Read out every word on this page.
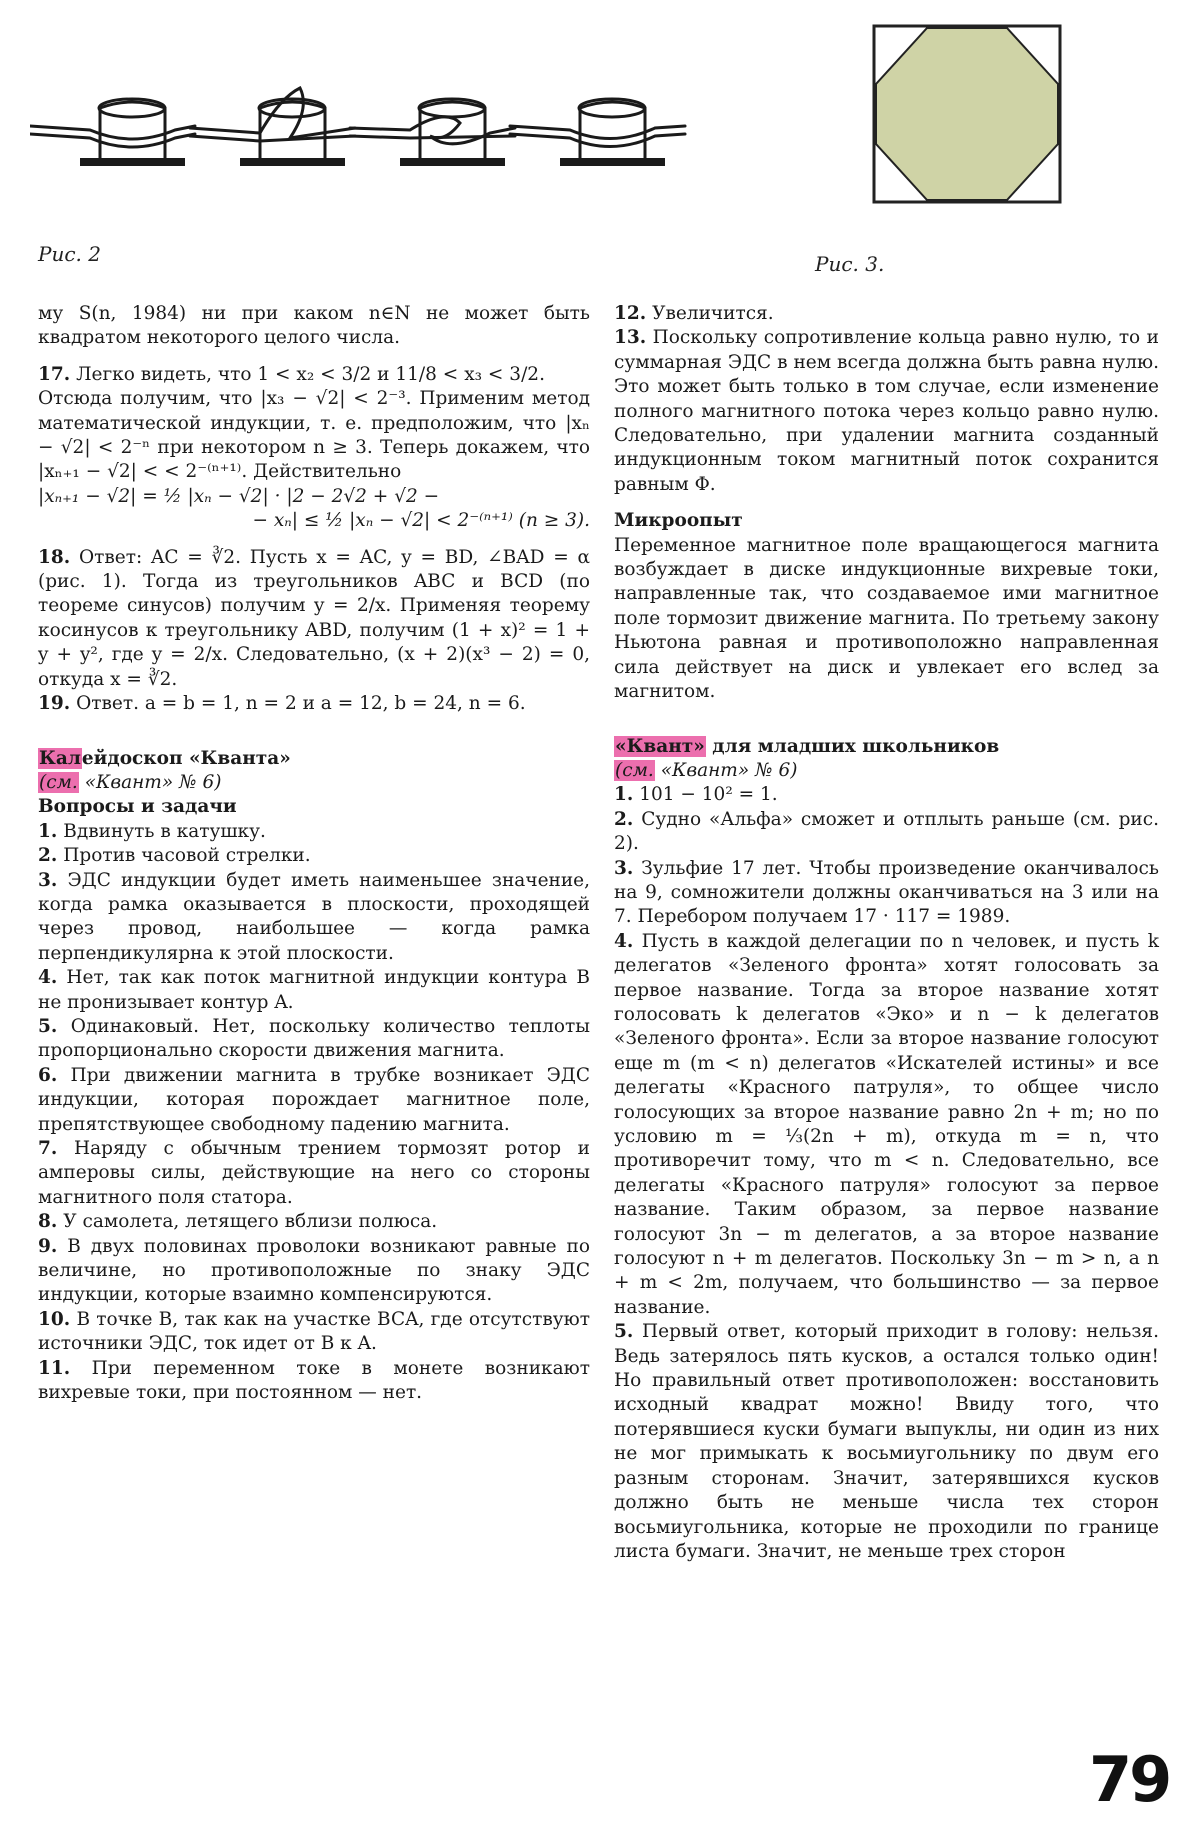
Рис. 2	Рис. 3.

му S(n, 1984) ни при каком n∈N не может быть квадратом некоторого целого числа.

17. Легко видеть, что 1 < x₂ < 3/2 и 11/8 < x₃ < 3/2.

Отсюда получим, что |x₃ − √2| < 2⁻³. Применим метод математической индукции, т. е. предположим, что |xₙ − √2| < 2⁻ⁿ при некотором n ≥ 3. Теперь докажем, что |xₙ₊₁ − √2| < < 2⁻⁽ⁿ⁺¹⁾. Действительно

|xₙ₊₁ − √2| = ½ |xₙ − √2| · |2 − 2√2 + √2 −

− xₙ| ≤ ½ |xₙ − √2| < 2⁻⁽ⁿ⁺¹⁾ (n ≥ 3).

18. Ответ: AC = ∛2. Пусть x = AC, y = BD, ∠BAD = α (рис. 1). Тогда из треугольников ABC и BCD (по теореме синусов) получим y = 2/x. Применяя теорему косинусов к треугольнику ABD, получим (1 + x)² = 1 + y + y², где y = 2/x. Следовательно, (x + 2)(x³ − 2) = 0, откуда x = ∛2.

19. Ответ. a = b = 1, n = 2 и a = 12, b = 24, n = 6.

Калейдоскоп «Кванта»

(см. «Квант» № 6)

Вопросы и задачи

1. Вдвинуть в катушку.

2. Против часовой стрелки.

3. ЭДС индукции будет иметь наименьшее значение, когда рамка оказывается в плоскости, проходящей через провод, наибольшее — когда рамка перпендикулярна к этой плоскости.

4. Нет, так как поток магнитной индукции контура B не пронизывает контур A.

5. Одинаковый. Нет, поскольку количество теплоты пропорционально скорости движения магнита.

6. При движении магнита в трубке возникает ЭДС индукции, которая порождает магнитное поле, препятствующее свободному падению магнита.

7. Наряду с обычным трением тормозят ротор и амперовы силы, действующие на него со стороны магнитного поля статора.

8. У самолета, летящего вблизи полюса.

9. В двух половинах проволоки возникают равные по величине, но противоположные по знаку ЭДС индукции, которые взаимно компенсируются.

10. В точке B, так как на участке BCA, где отсутствуют источники ЭДС, ток идет от B к A.

11. При переменном токе в монете возникают вихревые токи, при постоянном — нет.

12. Увеличится.

13. Поскольку сопротивление кольца равно нулю, то и суммарная ЭДС в нем всегда должна быть равна нулю. Это может быть только в том случае, если изменение полного магнитного потока через кольцо равно нулю. Следовательно, при удалении магнита созданный индукционным током магнитный поток сохранится равным Φ.

Микроопыт

Переменное магнитное поле вращающегося магнита возбуждает в диске индукционные вихревые токи, направленные так, что создаваемое ими магнитное поле тормозит движение магнита. По третьему закону Ньютона равная и противоположно направленная сила действует на диск и увлекает его вслед за магнитом.

«Квант» для младших школьников

(см. «Квант» № 6)

1. 101 − 10² = 1.

2. Судно «Альфа» сможет и отплыть раньше (см. рис. 2).

3. Зульфие 17 лет. Чтобы произведение оканчивалось на 9, сомножители должны оканчиваться на 3 или на 7. Перебором получаем 17 · 117 = 1989.

4. Пусть в каждой делегации по n человек, и пусть k делегатов «Зеленого фронта» хотят голосовать за первое название. Тогда за второе название хотят голосовать k делегатов «Эко» и n − k делегатов «Зеленого фронта». Если за второе название голосуют еще m (m < n) делегатов «Искателей истины» и все делегаты «Красного патруля», то общее число голосующих за второе название равно 2n + m; но по условию m = ⅓(2n + m), откуда m = n, что противоречит тому, что m < n. Следовательно, все делегаты «Красного патруля» голосуют за первое название. Таким образом, за первое название голосуют 3n − m делегатов, а за второе название голосуют n + m делегатов. Поскольку 3n − m > n, а n + m < 2m, получаем, что большинство — за первое название.

5. Первый ответ, который приходит в голову: нельзя. Ведь затерялось пять кусков, а остался только один! Но правильный ответ противоположен: восстановить исходный квадрат можно! Ввиду того, что потерявшиеся куски бумаги выпуклы, ни один из них не мог примыкать к восьмиугольнику по двум его разным сторонам. Значит, затерявшихся кусков должно быть не меньше числа тех сторон восьмиугольника, которые не проходили по границе листа бумаги. Значит, не меньше трех сторон

79
